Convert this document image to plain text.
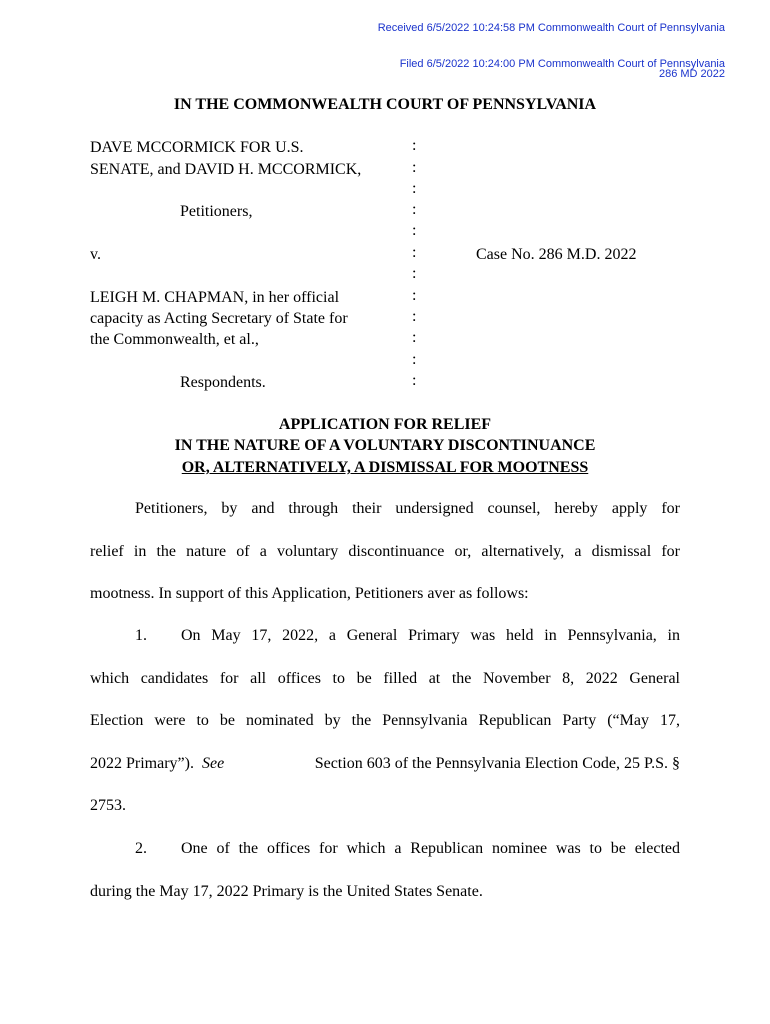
Received 6/5/2022 10:24:58 PM Commonwealth Court of Pennsylvania
Filed 6/5/2022 10:24:00 PM Commonwealth Court of Pennsylvania
286 MD 2022
IN THE COMMONWEALTH COURT OF PENNSYLVANIA
DAVE MCCORMICK FOR U.S.
SENATE, and DAVID H. MCCORMICK,
Petitioners,
v.	Case No. 286 M.D. 2022
LEIGH M. CHAPMAN, in her official
capacity as Acting Secretary of State for
the Commonwealth, et al.,
Respondents.
:
:
:
:
:
:
:
:
:
:
:
:
APPLICATION FOR RELIEF
IN THE NATURE OF A VOLUNTARY DISCONTINUANCE
OR, ALTERNATIVELY, A DISMISSAL FOR MOOTNESS
Petitioners, by and through their undersigned counsel, hereby apply for
relief in the nature of a voluntary discontinuance or, alternatively, a dismissal for
mootness. In support of this Application, Petitioners aver as follows:
1. On May 17, 2022, a General Primary was held in Pennsylvania, in
which candidates for all offices to be filled at the November 8, 2022 General
Election were to be nominated by the Pennsylvania Republican Party (“May 17,
2022 Primary”). See	Section 603 of the Pennsylvania Election Code, 25 P.S. §
2753.
2. One of the offices for which a Republican nominee was to be elected
during the May 17, 2022 Primary is the United States Senate.
